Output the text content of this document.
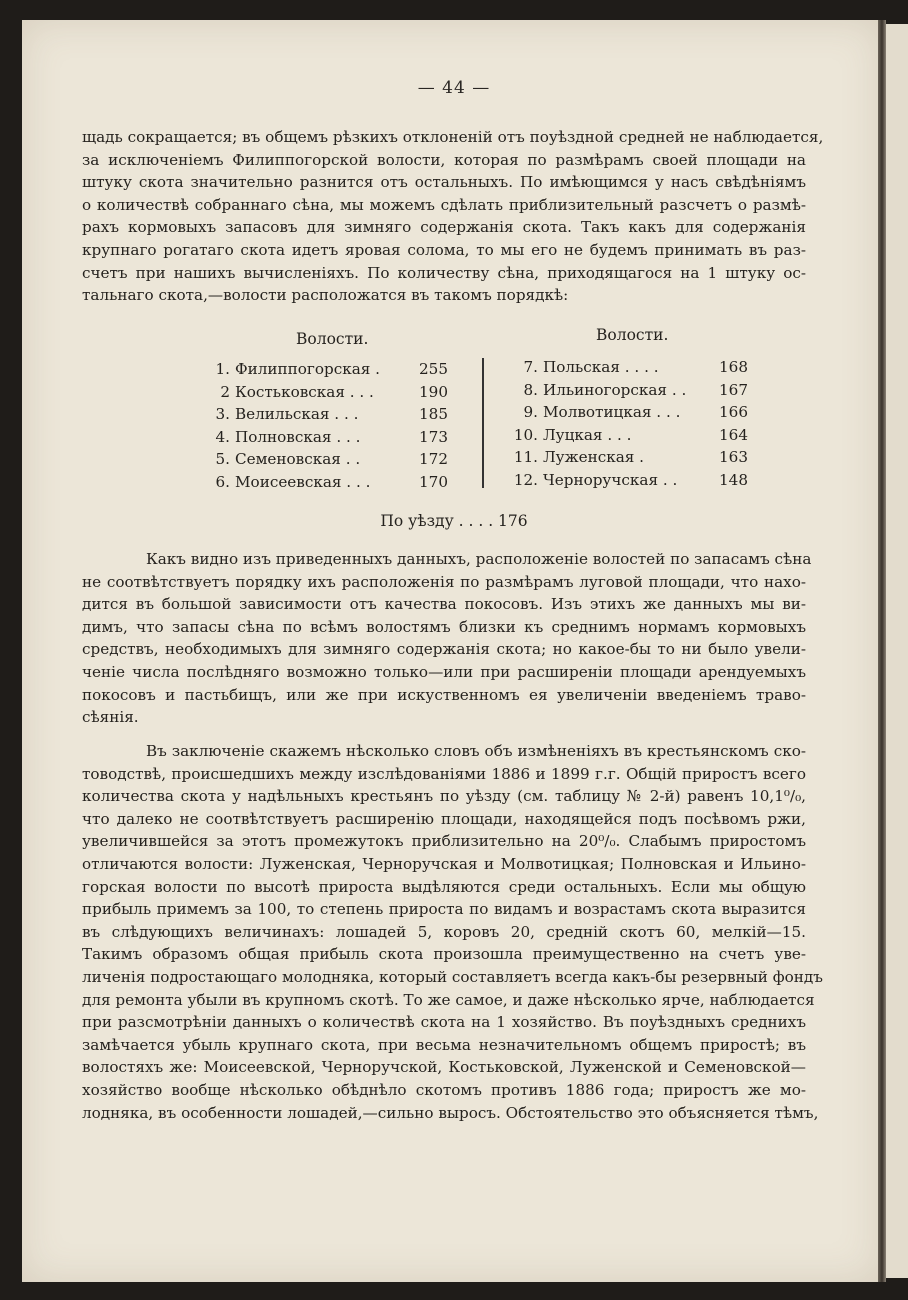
— 44 —
щадь сокращается; въ общемъ рѣзкихъ отклоненій отъ поуѣздной средней не наблюдается,
за исключеніемъ Филиппогорской волости, которая по размѣрамъ своей площади на
штуку скота значительно разнится отъ остальныхъ. По имѣющимся у насъ свѣдѣніямъ
о количествѣ собраннаго сѣна, мы можемъ сдѣлать приблизительный разсчетъ о размѣ-
рахъ кормовыхъ запасовъ для зимняго содержанія скота. Такъ какъ для содержанія
крупнаго рогатаго скота идетъ яровая солома, то мы его не будемъ принимать въ раз-
счетъ при нашихъ вычисленіяхъ. По количеству сѣна, приходящагося на 1 штуку ос-
тальнаго скота,—волости расположатся въ такомъ порядкѣ:
Волости.	Волости.
1. Филиппогорская .	255
2 Костьковская . . .	190
3. Велильская . . .	185
4. Полновская . . .	173
5. Семеновская . .	172
6. Моисеевская . . .	170
7. Польская . . . .	168
8. Ильиногорская . . 167
9. Молвотицкая . . .	166
10. Луцкая . . .	164
11. Луженская .	163
12. Черноручская . .	148
По уѣзду . . . . 176
Какъ видно изъ приведенныхъ данныхъ, расположеніе волостей по запасамъ сѣна
не соотвѣтствуетъ порядку ихъ расположенія по размѣрамъ луговой площади, что нахо-
дится въ большой зависимости отъ качества покосовъ. Изъ этихъ же данныхъ мы ви-
димъ, что запасы сѣна по всѣмъ волостямъ близки къ среднимъ нормамъ кормовыхъ
средствъ, необходимыхъ для зимняго содержанія скота; но какое-бы то ни было увели-
ченіе числа послѣдняго возможно только—или при расширеніи площади арендуемыхъ
покосовъ и пастьбищъ, или же при искуственномъ ея увеличеніи введеніемъ траво-
сѣянія.
Въ заключеніе скажемъ нѣсколько словъ объ измѣненіяхъ въ крестьянскомъ ско-
товодствѣ, происшедшихъ между изслѣдованіями 1886 и 1899 г.г. Общій приростъ всего
количества скота у надѣльныхъ крестьянъ по уѣзду (см. таблицу № 2-й) равенъ 10,1⁰/₀,
что далеко не соотвѣтствуетъ расширенію площади, находящейся подъ посѣвомъ ржи,
увеличившейся за этотъ промежутокъ приблизительно на 20⁰/₀. Слабымъ приростомъ
отличаются волости: Луженская, Черноручская и Молвотицкая; Полновская и Ильино-
горская волости по высотѣ прироста выдѣляются среди остальныхъ. Если мы общую
прибыль примемъ за 100, то степень прироста по видамъ и возрастамъ скота выразится
въ слѣдующихъ величинахъ: лошадей 5, коровъ 20, средній скотъ 60, мелкій—15.
Такимъ образомъ общая прибыль скота произошла преимущественно на счетъ уве-
личенія подростающаго молодняка, который составляетъ всегда какъ-бы резервный фондъ
для ремонта убыли въ крупномъ скотѣ. То же самое, и даже нѣсколько ярче, наблюдается
при разсмотрѣніи данныхъ о количествѣ скота на 1 хозяйство. Въ поуѣздныхъ среднихъ
замѣчается убыль крупнаго скота, при весьма незначительномъ общемъ приростѣ; въ
волостяхъ же: Моисеевской, Черноручской, Костьковской, Луженской и Семеновской—
хозяйство вообще нѣсколько обѣднѣло скотомъ противъ 1886 года; приростъ же мо-
лодняка, въ особенности лошадей,—сильно выросъ. Обстоятельство это объясняется тѣмъ,
